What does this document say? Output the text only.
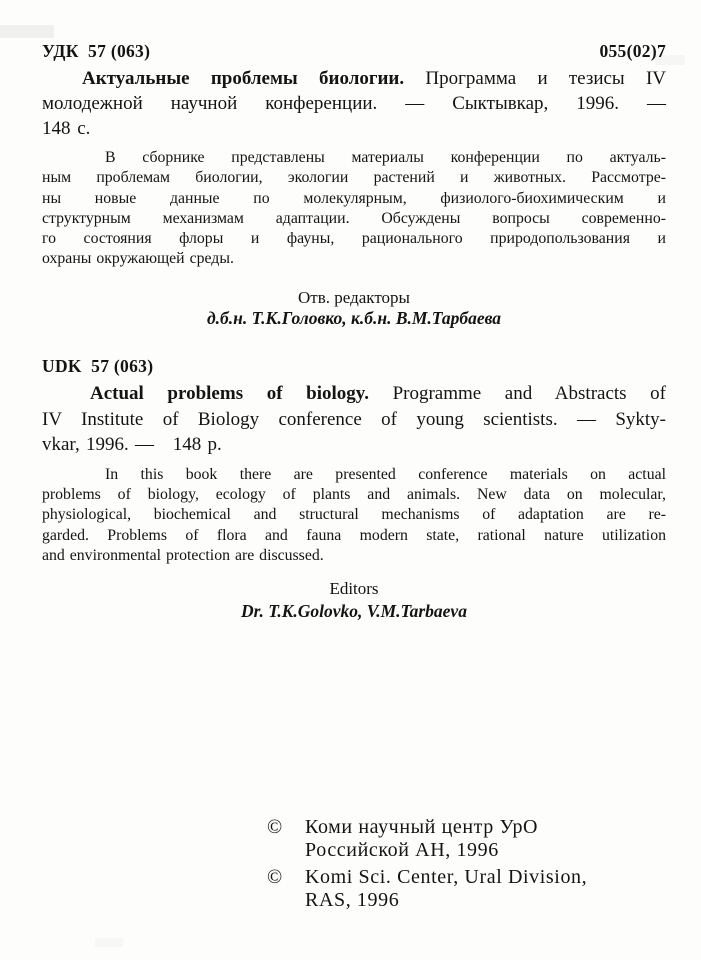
УДК  57 (063)	055(02)7
Актуальные проблемы биологии. Программа и тезисы IV
молодежной научной конференции. — Сыктывкар, 1996. —
148 с.
В сборнике представлены материалы конференции по актуаль-
ным проблемам биологии, экологии растений и животных. Рассмотре-
ны новые данные по молекулярным, физиолого-биохимическим и
структурным механизмам адаптации. Обсуждены вопросы современно-
го состояния флоры и фауны, рационального природопользования и
охраны окружающей среды.
Отв. редакторы
д.б.н. Т.К.Головко, к.б.н. В.М.Тарбаева
UDK  57 (063)
Actual problems of biology. Programme and Abstracts of
IV Institute of Biology conference of young scientists. — Sykty-
vkar, 1996. —   148 p.
In this book there are presented conference materials on actual
problems of biology, ecology of plants and animals. New data on molecular,
physiological, biochemical and structural mechanisms of adaptation are re-
garded. Problems of flora and fauna modern state, rational nature utilization
and environmental protection are discussed.
Editors
Dr. T.K.Golovko, V.M.Tarbaeva
©	Коми научный центр УрО
Российской АН, 1996
©	Komi Sci. Center, Ural Division,
RAS, 1996
